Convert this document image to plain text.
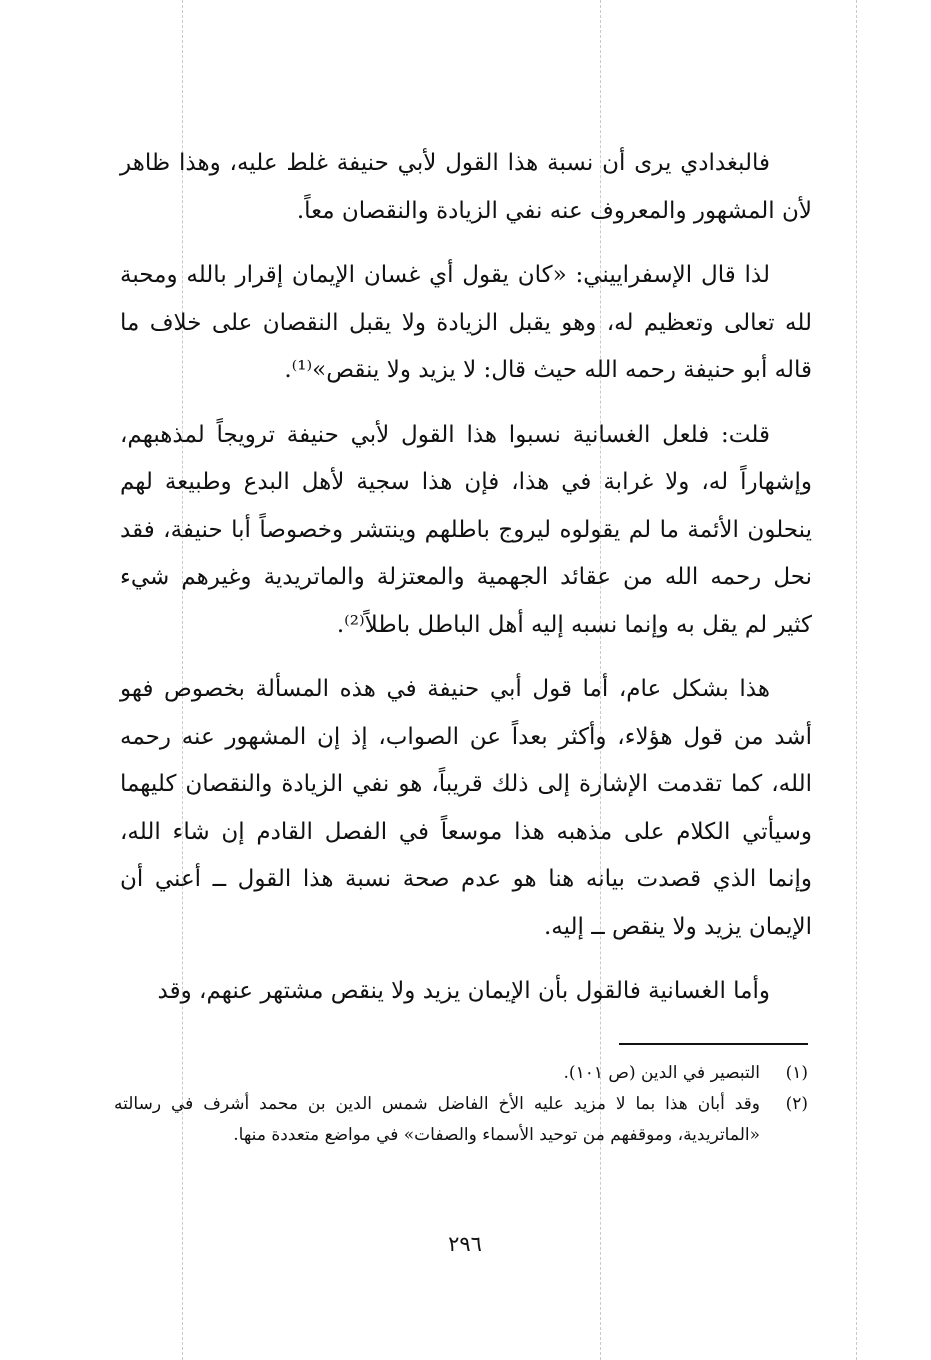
فالبغدادي يرى أن نسبة هذا القول لأبي حنيفة غلط عليه، وهذا ظاهر لأن المشهور والمعروف عنه نفي الزيادة والنقصان معاً.

لذا قال الإسفراييني: «كان يقول أي غسان الإيمان إقرار بالله ومحبة لله تعالى وتعظيم له، وهو يقبل الزيادة ولا يقبل النقصان على خلاف ما قاله أبو حنيفة رحمه الله حيث قال: لا يزيد ولا ينقص»⁽¹⁾.

قلت: فلعل الغسانية نسبوا هذا القول لأبي حنيفة ترويجاً لمذهبهم، وإشهاراً له، ولا غرابة في هذا، فإن هذا سجية لأهل البدع وطبيعة لهم ينحلون الأئمة ما لم يقولوه ليروج باطلهم وينتشر وخصوصاً أبا حنيفة، فقد نحل رحمه الله من عقائد الجهمية والمعتزلة والماتريدية وغيرهم شيء كثير لم يقل به وإنما نسبه إليه أهل الباطل باطلاً⁽²⁾.

هذا بشكل عام، أما قول أبي حنيفة في هذه المسألة بخصوص فهو أشد من قول هؤلاء، وأكثر بعداً عن الصواب، إذ إن المشهور عنه رحمه الله، كما تقدمت الإشارة إلى ذلك قريباً، هو نفي الزيادة والنقصان كليهما وسيأتي الكلام على مذهبه هذا موسعاً في الفصل القادم إن شاء الله، وإنما الذي قصدت بيانه هنا هو عدم صحة نسبة هذا القول ــ أعني أن الإيمان يزيد ولا ينقص ــ إليه.

وأما الغسانية فالقول بأن الإيمان يزيد ولا ينقص مشتهر عنهم، وقد

(١)
التبصير في الدين (ص ١٠١).
(٢)
وقد أبان هذا بما لا مزيد عليه الأخ الفاضل شمس الدين بن محمد أشرف في رسالته «الماتريدية، وموقفهم من توحيد الأسماء والصفات» في مواضع متعددة منها.
٢٩٦
